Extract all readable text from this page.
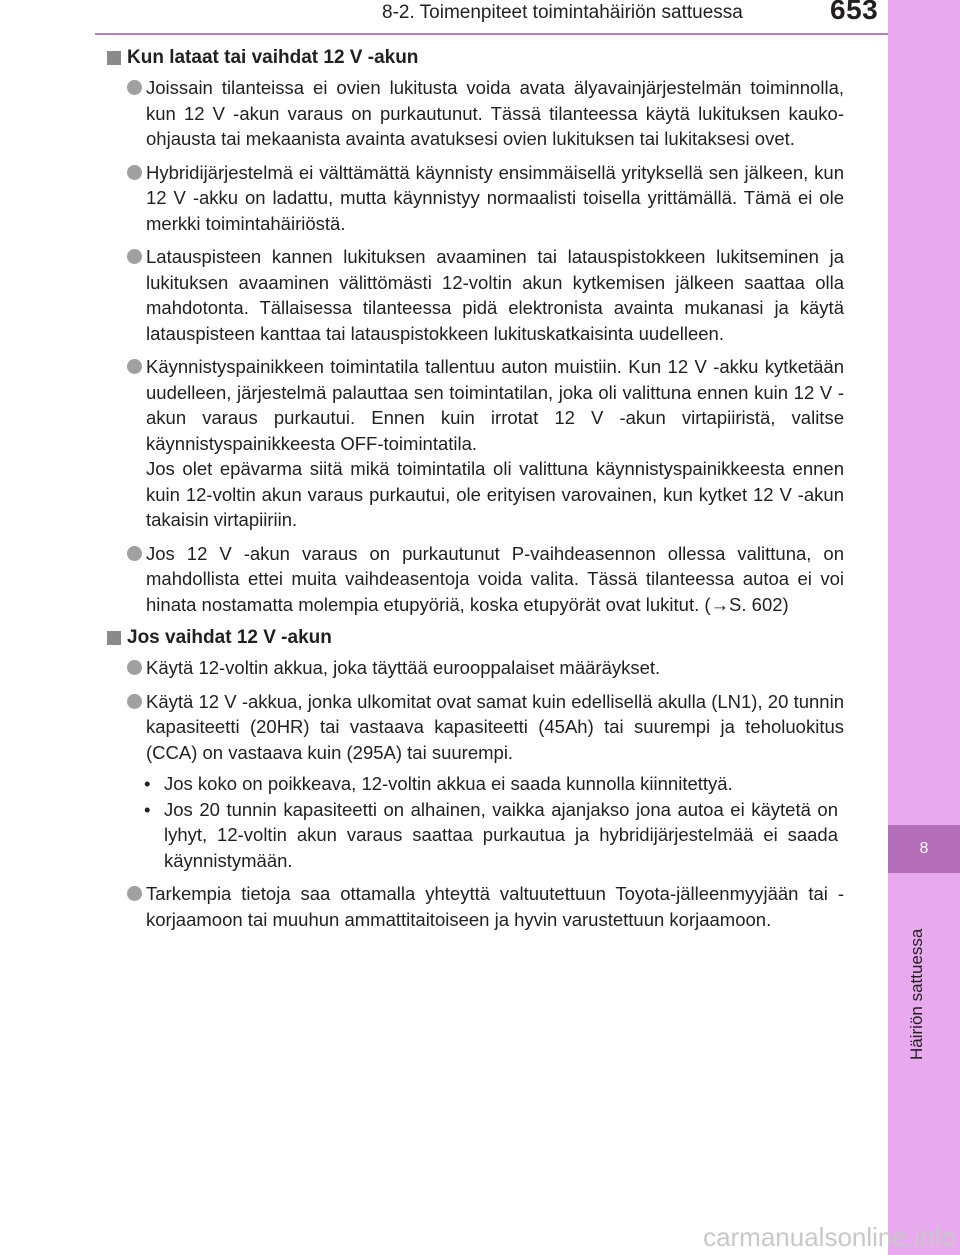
8-2. Toimenpiteet toimintahäiriön sattuessa	653
8
Häiriön sattuessa
Kun lataat tai vaihdat 12 V -akun
Joissain tilanteissa ei ovien lukitusta voida avata älyavainjärjestelmän toiminnolla, kun 12 V -akun varaus on purkautunut. Tässä tilanteessa käytä lukituksen kauko-ohjausta tai mekaanista avainta avatuksesi ovien lukituksen tai lukitaksesi ovet.
Hybridijärjestelmä ei välttämättä käynnisty ensimmäisellä yrityksellä sen jälkeen, kun 12 V -akku on ladattu, mutta käynnistyy normaalisti toisella yrittämällä. Tämä ei ole merkki toimintahäiriöstä.
Latauspisteen kannen lukituksen avaaminen tai latauspistokkeen lukitseminen ja lukituksen avaaminen välittömästi 12-voltin akun kytkemisen jälkeen saattaa olla mahdotonta. Tällaisessa tilanteessa pidä elektronista avainta mukanasi ja käytä latauspisteen kanttaa tai latauspistokkeen lukituskatkaisinta uudelleen.
Käynnistyspainikkeen toimintatila tallentuu auton muistiin. Kun 12 V -akku kytketään uudelleen, järjestelmä palauttaa sen toimintatilan, joka oli valittuna ennen kuin 12 V -akun varaus purkautui. Ennen kuin irrotat 12 V -akun virtapiiristä, valitse käynnistyspainikkeesta OFF-toimintatila.
Jos olet epävarma siitä mikä toimintatila oli valittuna käynnistyspainikkeesta ennen kuin 12-voltin akun varaus purkautui, ole erityisen varovainen, kun kytket 12 V -akun takaisin virtapiiriin.
Jos 12 V -akun varaus on purkautunut P-vaihdeasennon ollessa valittuna, on mahdollista ettei muita vaihdeasentoja voida valita. Tässä tilanteessa autoa ei voi hinata nostamatta molempia etupyöriä, koska etupyörät ovat lukitut. (→S. 602)
Jos vaihdat 12 V -akun
Käytä 12-voltin akkua, joka täyttää eurooppalaiset määräykset.
Käytä 12 V -akkua, jonka ulkomitat ovat samat kuin edellisellä akulla (LN1), 20 tunnin kapasiteetti (20HR) tai vastaava kapasiteetti (45Ah) tai suurempi ja teholuokitus (CCA) on vastaava kuin (295A) tai suurempi.
• Jos koko on poikkeava, 12-voltin akkua ei saada kunnolla kiinnitettyä.
• Jos 20 tunnin kapasiteetti on alhainen, vaikka ajanjakso jona autoa ei käytetä on lyhyt, 12-voltin akun varaus saattaa purkautua ja hybridijärjestelmää ei saada käynnistymään.
Tarkempia tietoja saa ottamalla yhteyttä valtuutettuun Toyota-jälleenmyyjään tai -korjaamoon tai muuhun ammattitaitoiseen ja hyvin varustettuun korjaamoon.
carmanualsonline.info
